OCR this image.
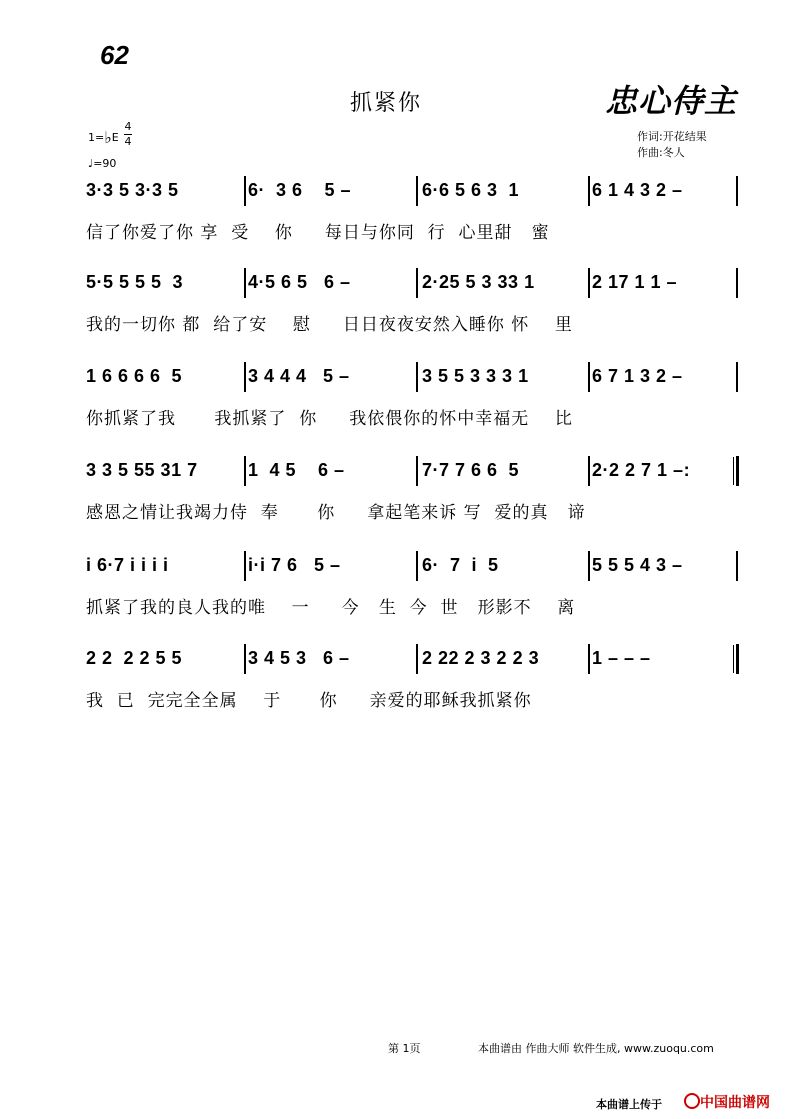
62
抓紧你	忠心侍主
1=♭E
4
4
♩=90
作词:开花结果
作曲:冬人
3·3 5 3·3 5	6·  3 6    5 –	6·6 5 6 3  1	6 1 4 3 2 –
信了你爱了你 享  受    你     每日与你同  行  心里甜   蜜
5·5 5 5 5  3	4·5 6 5   6 –	2·25 5 3 33 1	2 17 1 1 –
我的一切你 都  给了安    慰     日日夜夜安然入睡你 怀    里
1 6 6 6 6  5	3 4 4 4   5 –	3 5 5 3 3 3 1	6 7 1 3 2 –
你抓紧了我      我抓紧了  你     我依偎你的怀中幸福无    比
3 3 5 55 31 7	1  4 5    6 –	7·7 7 6 6  5	2·2 2 7 1 –:
感恩之情让我竭力侍  奉      你     拿起笔来诉 写  爱的真   谛
i 6·7 i i i i	i·i 7 6   5 –	6·  7  i  5	5 5 5 4 3 –
抓紧了我的良人我的唯    一     今   生  今  世   形影不    离
2 2  2 2 5 5	3 4 5 3   6 –	2 22 2 3 2 2 3	1 – – –
我  已  完完全全属    于      你     亲爱的耶稣我抓紧你
第 1页	本曲谱由 作曲大师 软件生成, www.zuoqu.com
本曲谱上传于	中国曲谱网
